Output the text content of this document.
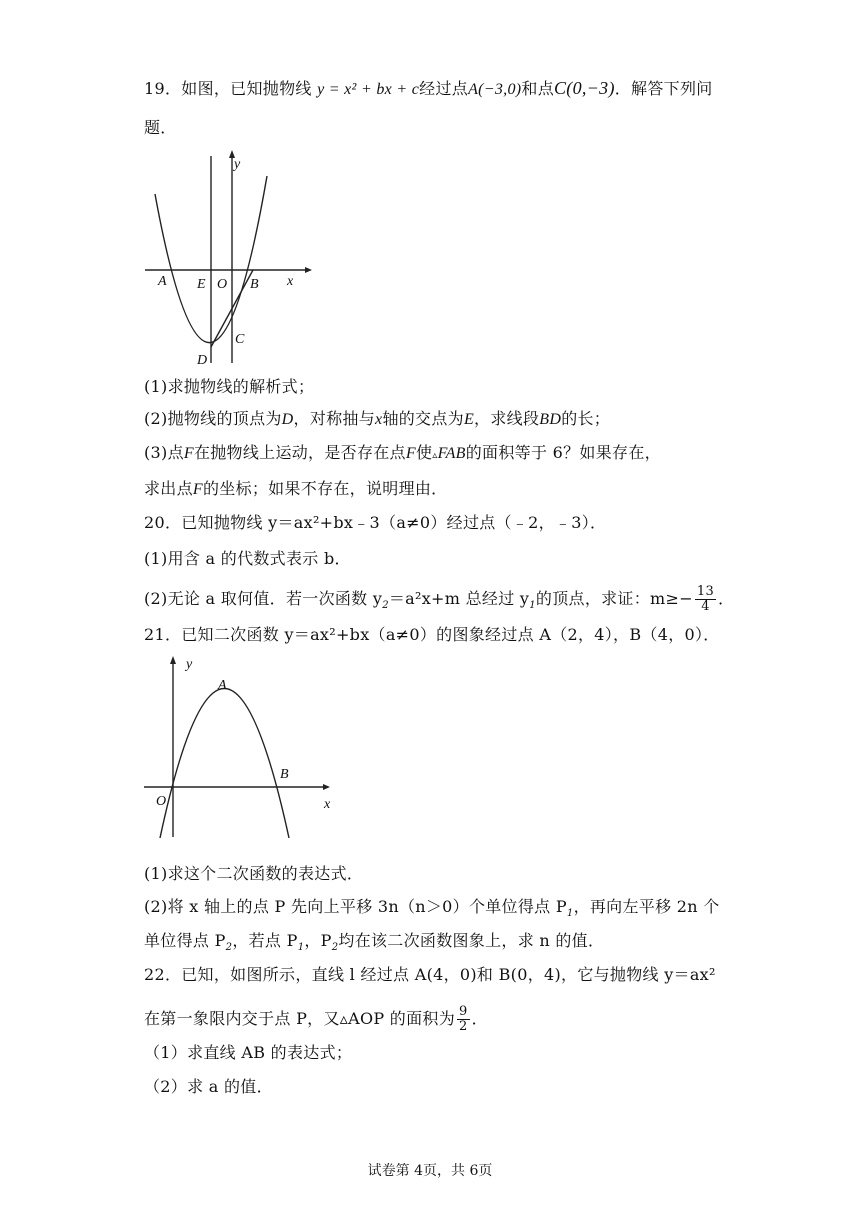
19．如图，已知抛物线 y = x² + bx + c经过点A(−3,0)和点C(0,−3)．解答下列问
题．
y
x
A E O B
C
D
(1)求抛物线的解析式；
(2)抛物线的顶点为D，对称抽与x轴的交点为E，求线段BD的长；
(3)点F在抛物线上运动，是否存在点F使▵FAB的面积等于 6？如果存在，
求出点F的坐标；如果不存在，说明理由．
20．已知抛物线 y＝ax²+bx﹣3（a≠0）经过点（﹣2，﹣3）．
(1)用含 a 的代数式表示 b．
(2)无论 a 取何值．若一次函数 $y_2=a^2x+m$ 总经过 $y_1$的顶点，求证：$m\ge- \frac{13}{4}$ ．
21．已知二次函数 y＝ax²+bx（a≠0）的图象经过点 A（2，4），B（4，0）．
y
A
B
O	x
(1)求这个二次函数的表达式．
(2)将 x 轴上的点 P 先向上平移 3n（n＞0）个单位得点 $P_1$，再向左平移 2n 个
单位得点 $P_2$，若点 $P_1$，$P_2$均在该二次函数图象上，求 n 的值．
22．已知，如图所示，直线 l 经过点 A(4，0)和 B(0，4)，它与抛物线 y＝ax²
在第一象限内交于点 P，又▵AOP 的面积为 $\frac{9}{2}$ ．
（1）求直线 AB 的表达式；
（2）求 a 的值．
试卷第 4页，共 6页
